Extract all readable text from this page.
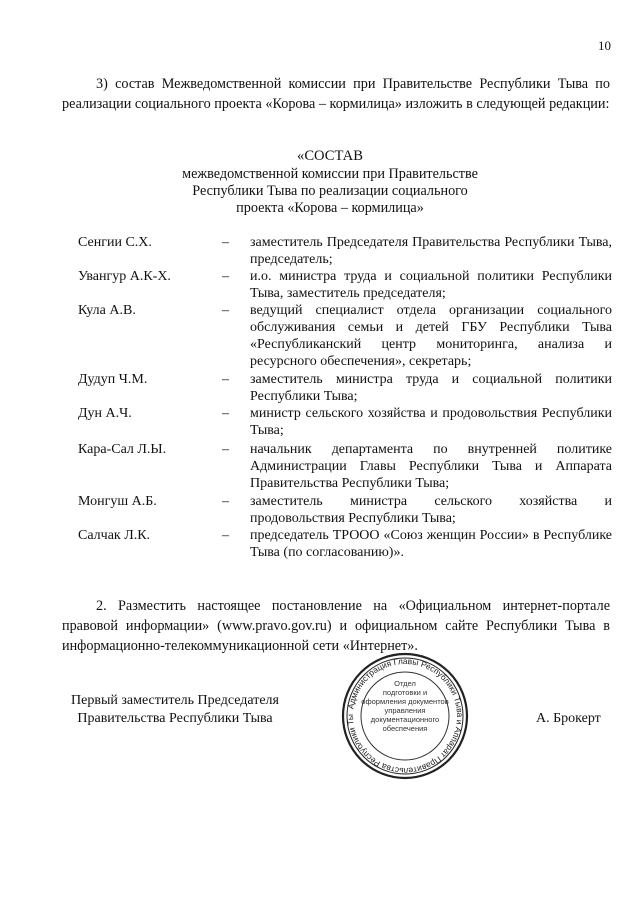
10
3) состав Межведомственной комиссии при Правительстве Республики Тыва по реализации социального проекта «Корова – кормилица» изложить в следующей редакции:
«СОСТАВ
межведомственной комиссии при Правительстве
Республики Тыва по реализации социального
проекта «Корова – кормилица»
Сенгии С.Х.	– заместитель Председателя Правительства Республики Тыва, председатель;
Увангур А.К-Х.	– и.о. министра труда и социальной политики Республики Тыва, заместитель председателя;
Кула А.В.	– ведущий специалист отдела организации социального обслуживания семьи и детей ГБУ Республики Тыва «Республиканский центр мониторинга, анализа и ресурсного обеспечения», секретарь;
Дудуп Ч.М.	– заместитель министра труда и социальной политики Республики Тыва;
Дун А.Ч.	– министр сельского хозяйства и продовольствия Республики Тыва;
Кара-Сал Л.Ы.	– начальник департамента по внутренней политике Администрации Главы Республики Тыва и Аппарата Правительства Республики Тыва;
Монгуш А.Б.	– заместитель министра сельского хозяйства и продовольствия Республики Тыва;
Салчак Л.К.	– председатель ТРООО «Союз женщин России» в Республике Тыва (по согласованию)».
2. Разместить настоящее постановление на «Официальном интернет-портале правовой информации» (www.pravo.gov.ru) и официальном сайте Республики Тыва в информационно-телекоммуникационной сети «Интернет».
Первый заместитель Председателя
Правительства Республики Тыва
Администрация Главы Республики Тыва и Аппарат Правительства Республики Ты
Отдел
подготовки и
оформления документов
управления
документационного
обеспечения
А. Брокерт
